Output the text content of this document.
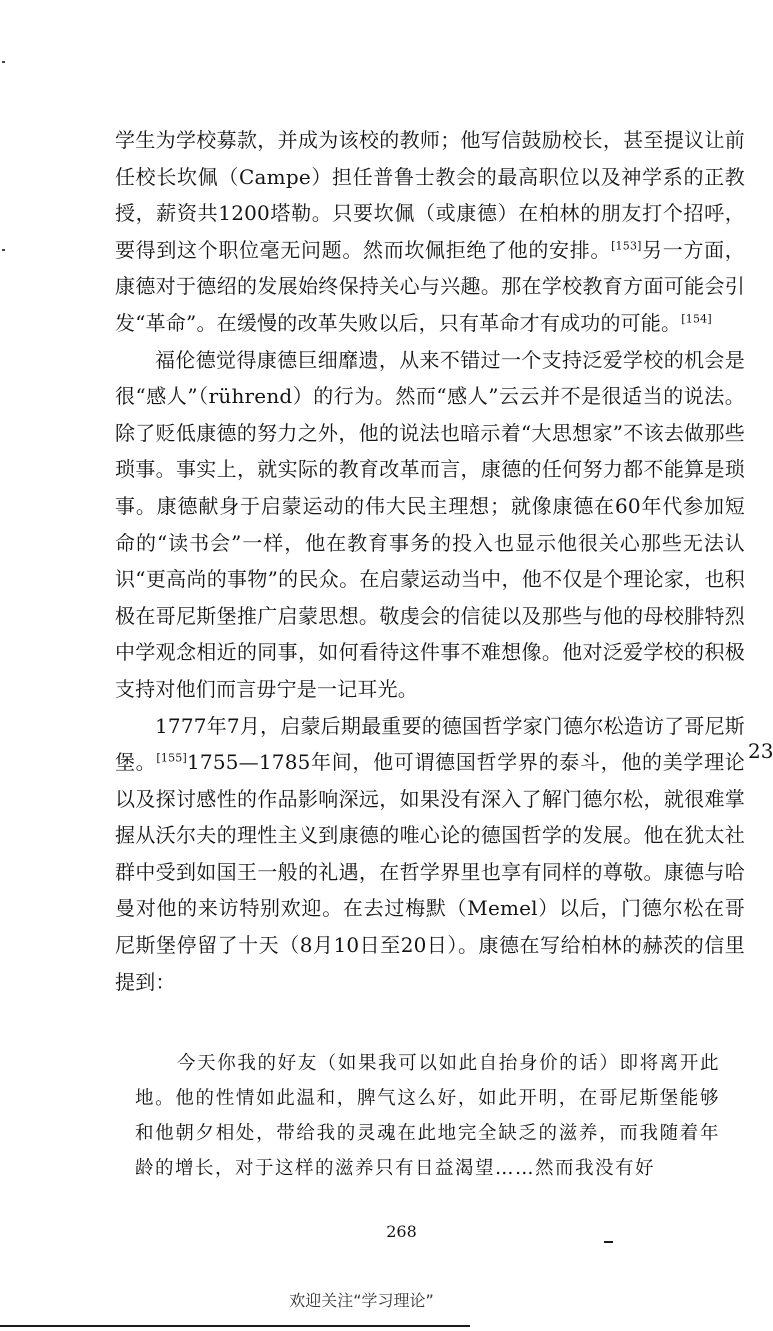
学生为学校募款，并成为该校的教师；他写信鼓励校长，甚至提议让前任校长坎佩（Campe）担任普鲁士教会的最高职位以及神学系的正教授，薪资共1200塔勒。只要坎佩（或康德）在柏林的朋友打个招呼，要得到这个职位毫无问题。然而坎佩拒绝了他的安排。[153]另一方面，康德对于德绍的发展始终保持关心与兴趣。那在学校教育方面可能会引发“革命”。在缓慢的改革失败以后，只有革命才有成功的可能。[154]

福伦德觉得康德巨细靡遗，从来不错过一个支持泛爱学校的机会是很“感人”（rührend）的行为。然而“感人”云云并不是很适当的说法。除了贬低康德的努力之外，他的说法也暗示着“大思想家”不该去做那些琐事。事实上，就实际的教育改革而言，康德的任何努力都不能算是琐事。康德献身于启蒙运动的伟大民主理想；就像康德在60年代参加短命的“读书会”一样，他在教育事务的投入也显示他很关心那些无法认识“更高尚的事物”的民众。在启蒙运动当中，他不仅是个理论家，也积极在哥尼斯堡推广启蒙思想。敬虔会的信徒以及那些与他的母校腓特烈中学观念相近的同事，如何看待这件事不难想像。他对泛爱学校的积极支持对他们而言毋宁是一记耳光。

1777年7月，启蒙后期最重要的德国哲学家门德尔松造访了哥尼斯堡。[155]1755—1785年间，他可谓德国哲学界的泰斗，他的美学理论以及探讨感性的作品影响深远，如果没有深入了解门德尔松，就很难掌握从沃尔夫的理性主义到康德的唯心论的德国哲学的发展。他在犹太社群中受到如国王一般的礼遇，在哲学界里也享有同样的尊敬。康德与哈曼对他的来访特别欢迎。在去过梅默（Memel）以后，门德尔松在哥尼斯堡停留了十天（8月10日至20日）。康德在写给柏林的赫茨的信里提到：

23

今天你我的好友（如果我可以如此自抬身价的话）即将离开此地。他的性情如此温和，脾气这么好，如此开明，在哥尼斯堡能够和他朝夕相处，带给我的灵魂在此地完全缺乏的滋养，而我随着年龄的增长，对于这样的滋养只有日益渴望……然而我没有好

268
欢迎关注“学习理论”
